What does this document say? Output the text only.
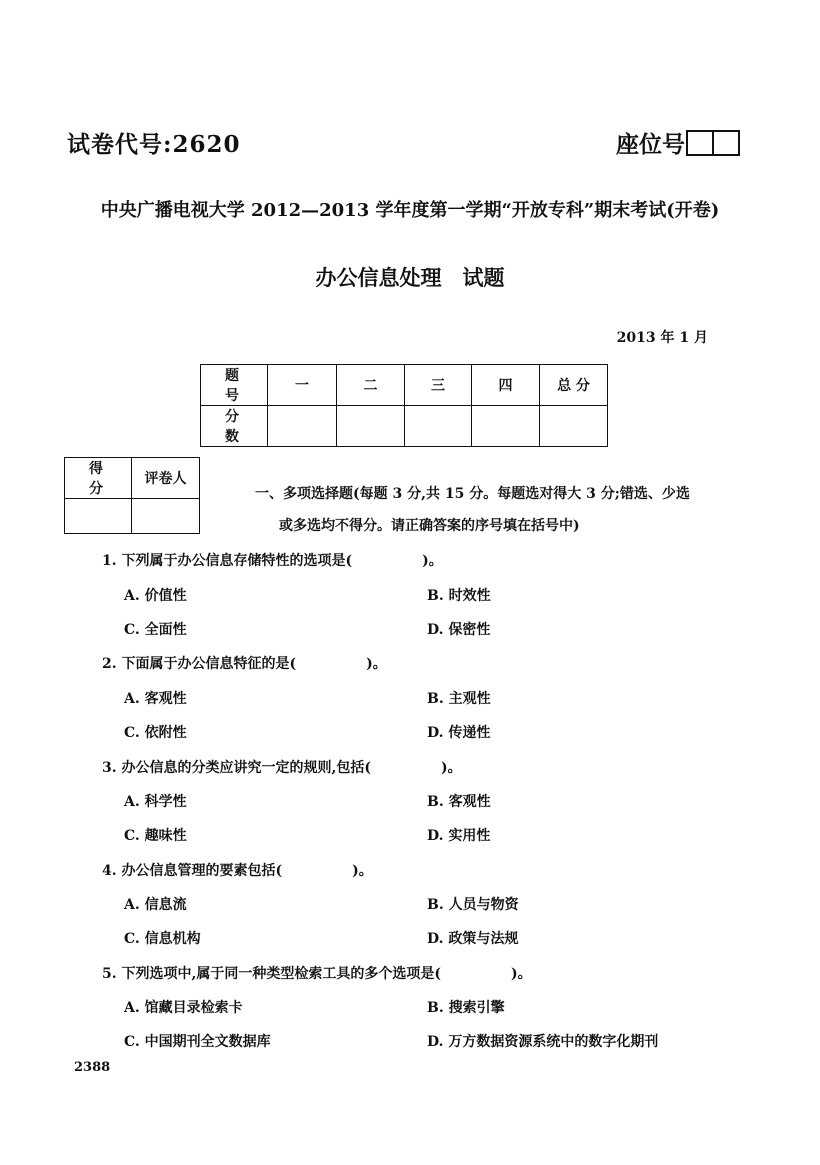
试卷代号:2620	座位号
中央广播电视大学 2012—2013 学年度第一学期“开放专科”期末考试(开卷)
办公信息处理　试题
2013 年 1 月
题 号	一	二	三	四	总 分
分 数					
得 分	评卷人

一、多项选择题(每题 3 分,共 15 分。每题选对得大 3 分;错选、少选
或多选均不得分。请正确答案的序号填在括号中)
1. 下列属于办公信息存储特性的选项是(　　　　　)。
A. 价值性	B. 时效性
C. 全面性	D. 保密性
2. 下面属于办公信息特征的是(　　　　　)。
A. 客观性	B. 主观性
C. 依附性	D. 传递性
3. 办公信息的分类应讲究一定的规则,包括(　　　　　)。
A. 科学性	B. 客观性
C. 趣味性	D. 实用性
4. 办公信息管理的要素包括(　　　　　)。
A. 信息流	B. 人员与物资
C. 信息机构	D. 政策与法规
5. 下列选项中,属于同一种类型检索工具的多个选项是(　　　　　)。
A. 馆藏目录检索卡	B. 搜索引擎
C. 中国期刊全文数据库	D. 万方数据资源系统中的数字化期刊
2388
